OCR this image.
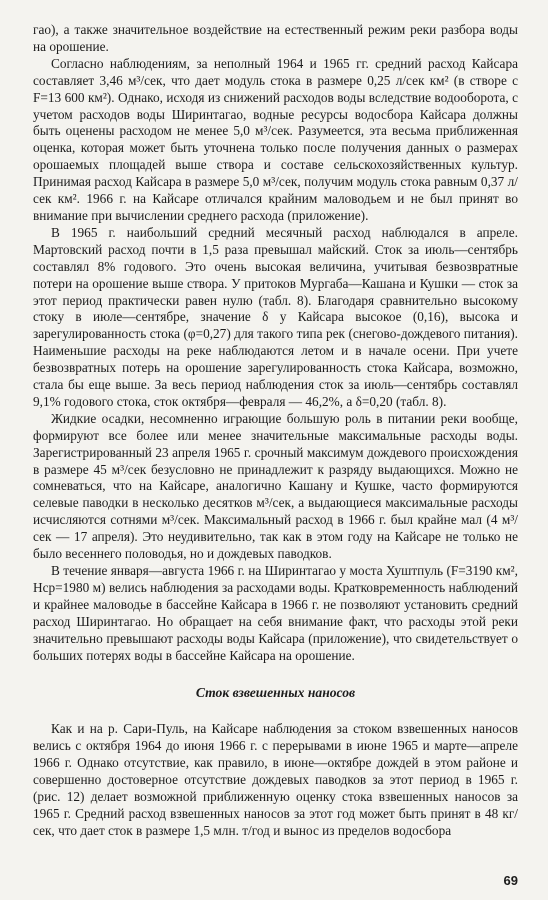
гао), а также значительное воздействие на естественный режим реки разбора воды на орошение.

Согласно наблюдениям, за неполный 1964 и 1965 гг. средний расход Кайсара составляет 3,46 м³/сек, что дает модуль стока в размере 0,25 л/сек км² (в створе с F=13 600 км²). Однако, исходя из снижений расходов воды вследствие водооборота, с учетом расходов воды Ширинтагао, водные ресурсы водосбора Кайсара должны быть оценены расходом не менее 5,0 м³/сек. Разумеется, эта весьма приближенная оценка, которая может быть уточнена только после получения данных о размерах орошаемых площадей выше створа и составе сельскохозяйственных культур. Принимая расход Кайсара в размере 5,0 м³/сек, получим модуль стока равным 0,37 л/сек км². 1966 г. на Кайсаре отличался крайним маловодьем и не был принят во внимание при вычислении среднего расхода (приложение).

В 1965 г. наибольший средний месячный расход наблюдался в апреле. Мартовский расход почти в 1,5 раза превышал майский. Сток за июль—сентябрь составлял 8% годового. Это очень высокая величина, учитывая безвозвратные потери на орошение выше створа. У притоков Мургаба—Кашана и Кушки — сток за этот период практически равен нулю (табл. 8). Благодаря сравнительно высокому стоку в июле—сентябре, значение δ у Кайсара высокое (0,16), высока и зарегулированность стока (φ=0,27) для такого типа рек (снегово-дождевого питания). Наименьшие расходы на реке наблюдаются летом и в начале осени. При учете безвозвратных потерь на орошение зарегулированность стока Кайсара, возможно, стала бы еще выше. За весь период наблюдения сток за июль—сентябрь составлял 9,1% годового стока, сток октября—февраля — 46,2%, а δ=0,20 (табл. 8).

Жидкие осадки, несомненно играющие большую роль в питании реки вообще, формируют все более или менее значительные максимальные расходы воды. Зарегистрированный 23 апреля 1965 г. срочный максимум дождевого происхождения в размере 45 м³/сек безусловно не принадлежит к разряду выдающихся. Можно не сомневаться, что на Кайсаре, аналогично Кашану и Кушке, часто формируются селевые паводки в несколько десятков м³/сек, а выдающиеся максимальные расходы исчисляются сотнями м³/сек. Максимальный расход в 1966 г. был крайне мал (4 м³/сек — 17 апреля). Это неудивительно, так как в этом году на Кайсаре не только не было весеннего половодья, но и дождевых паводков.

В течение января—августа 1966 г. на Ширинтагао у моста Хуштпуль (F=3190 км², Hср=1980 м) велись наблюдения за расходами воды. Кратковременность наблюдений и крайнее маловодье в бассейне Кайсара в 1966 г. не позволяют установить средний расход Ширинтагао. Но обращает на себя внимание факт, что расходы этой реки значительно превышают расходы воды Кайсара (приложение), что свидетельствует о больших потерях воды в бассейне Кайсара на орошение.

Сток взвешенных наносов

Как и на р. Сари-Пуль, на Кайсаре наблюдения за стоком взвешенных наносов велись с октября 1964 до июня 1966 г. с перерывами в июне 1965 и марте—апреле 1966 г. Однако отсутствие, как правило, в июне—октябре дождей в этом районе и совершенно достоверное отсутствие дождевых паводков за этот период в 1965 г. (рис. 12) делает возможной приближенную оценку стока взвешенных наносов за 1965 г. Средний расход взвешенных наносов за этот год может быть принят в 48 кг/сек, что дает сток в размере 1,5 млн. т/год и вынос из пределов водосбора

69
